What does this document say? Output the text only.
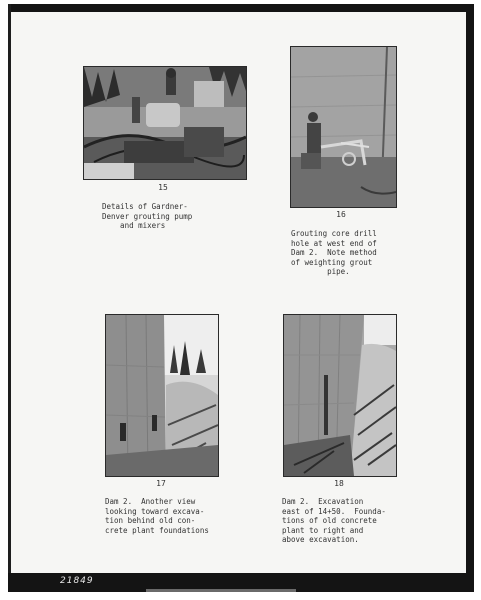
15
Details of Gardner-
Denver grouting pump
and mixers
16
Grouting core drill
hole at west end of
Dam 2.  Note method
of weighting grout
pipe.
17
Dam 2.  Another view
looking toward excava-
tion behind old con-
crete plant foundations
18
Dam 2.  Excavation
east of 14+50.  Founda-
tions of old concrete
plant to right and
above excavation.
21849
